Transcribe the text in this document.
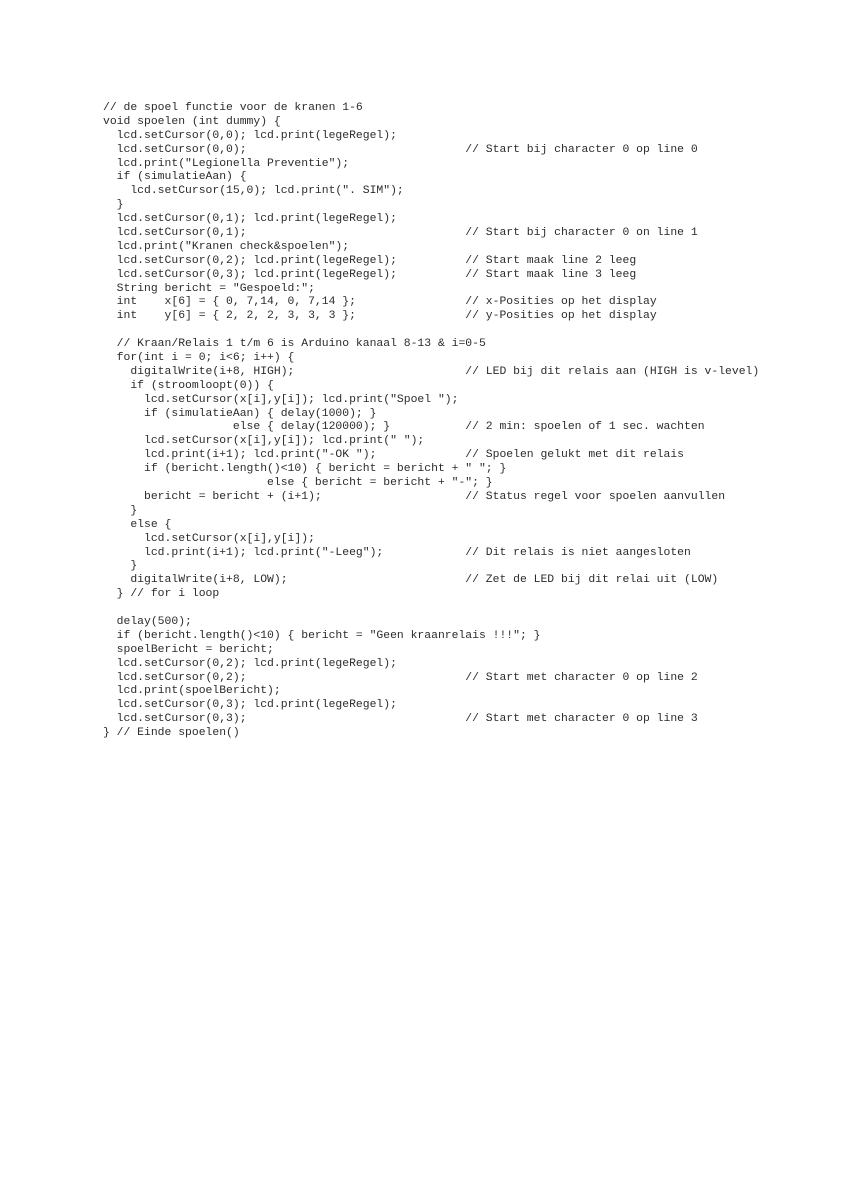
// de spoel functie voor de kranen 1-6
void spoelen (int dummy) {
lcd.setCursor(0,0); lcd.print(legeRegel);
lcd.setCursor(0,0);                                // Start bij character 0 op line 0
lcd.print("Legionella Preventie");
if (simulatieAan) {
lcd.setCursor(15,0); lcd.print(". SIM");
}
lcd.setCursor(0,1); lcd.print(legeRegel);
lcd.setCursor(0,1);                                // Start bij character 0 on line 1
lcd.print("Kranen check&spoelen");
lcd.setCursor(0,2); lcd.print(legeRegel);          // Start maak line 2 leeg
lcd.setCursor(0,3); lcd.print(legeRegel);          // Start maak line 3 leeg
String bericht = "Gespoeld:";
int    x[6] = { 0, 7,14, 0, 7,14 };                // x-Posities op het display
int    y[6] = { 2, 2, 2, 3, 3, 3 };                // y-Posities op het display
// Kraan/Relais 1 t/m 6 is Arduino kanaal 8-13 & i=0-5
for(int i = 0; i<6; i++) {
digitalWrite(i+8, HIGH);                         // LED bij dit relais aan (HIGH is v-level)
if (stroomloopt(0)) {
lcd.setCursor(x[i],y[i]); lcd.print("Spoel ");
if (simulatieAan) { delay(1000); }
else { delay(120000); }           // 2 min: spoelen of 1 sec. wachten
lcd.setCursor(x[i],y[i]); lcd.print(" ");
lcd.print(i+1); lcd.print("-OK ");             // Spoelen gelukt met dit relais
if (bericht.length()<10) { bericht = bericht + " "; }
else { bericht = bericht + "-"; }
bericht = bericht + (i+1);                     // Status regel voor spoelen aanvullen
}
else {
lcd.setCursor(x[i],y[i]);
lcd.print(i+1); lcd.print("-Leeg");            // Dit relais is niet aangesloten
}
digitalWrite(i+8, LOW);                          // Zet de LED bij dit relai uit (LOW)
} // for i loop
delay(500);
if (bericht.length()<10) { bericht = "Geen kraanrelais !!!"; }
spoelBericht = bericht;
lcd.setCursor(0,2); lcd.print(legeRegel);
lcd.setCursor(0,2);                                // Start met character 0 op line 2
lcd.print(spoelBericht);
lcd.setCursor(0,3); lcd.print(legeRegel);
lcd.setCursor(0,3);                                // Start met character 0 op line 3
} // Einde spoelen()
